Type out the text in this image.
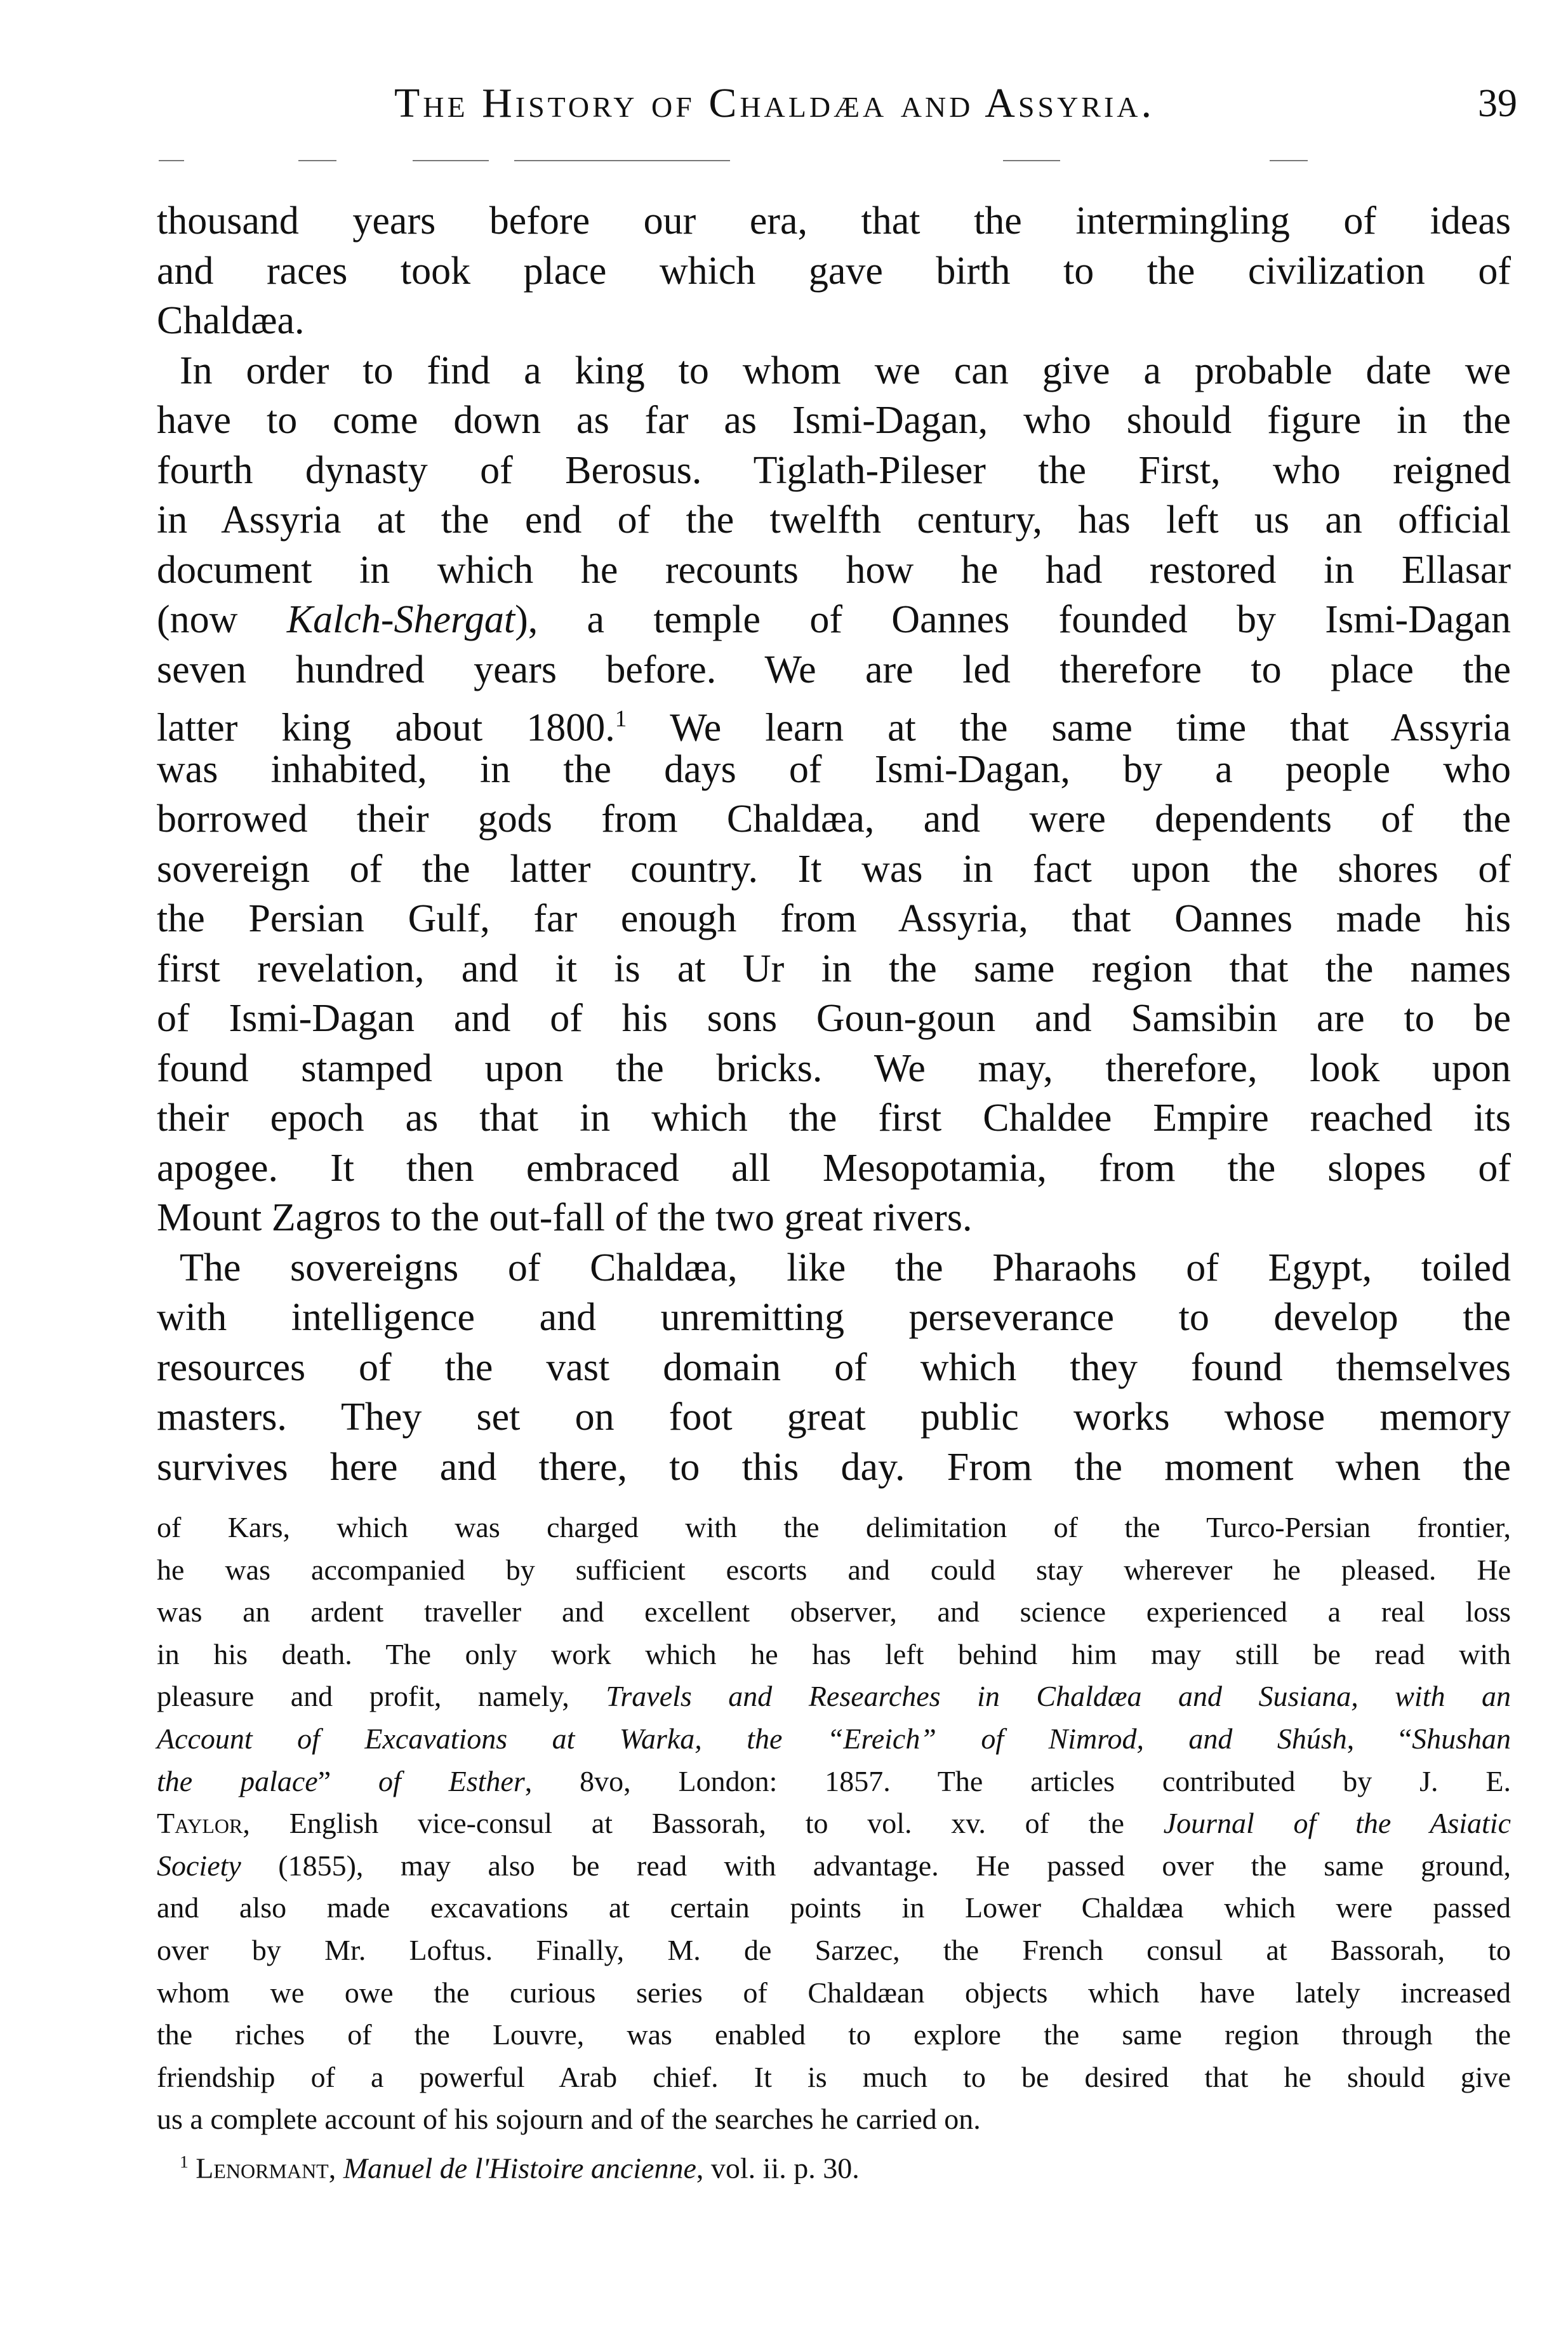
The History of Chaldæa and Assyria.	39
thousand years before our era, that the intermingling of ideas
and races took place which gave birth to the civilization of
Chaldæa.
In order to find a king to whom we can give a probable date we
have to come down as far as Ismi-Dagan, who should figure in the
fourth dynasty of Berosus. Tiglath-Pileser the First, who reigned
in Assyria at the end of the twelfth century, has left us an official
document in which he recounts how he had restored in Ellasar
(now Kalch-Shergat), a temple of Oannes founded by Ismi-Dagan
seven hundred years before. We are led therefore to place the
latter king about 1800.$^1$ We learn at the same time that Assyria
was inhabited, in the days of Ismi-Dagan, by a people who
borrowed their gods from Chaldæa, and were dependents of the
sovereign of the latter country. It was in fact upon the shores of
the Persian Gulf, far enough from Assyria, that Oannes made his
first revelation, and it is at Ur in the same region that the names
of Ismi-Dagan and of his sons Goun-goun and Samsibin are to be
found stamped upon the bricks. We may, therefore, look upon
their epoch as that in which the first Chaldee Empire reached its
apogee. It then embraced all Mesopotamia, from the slopes of
Mount Zagros to the out-fall of the two great rivers.
The sovereigns of Chaldæa, like the Pharaohs of Egypt, toiled
with intelligence and unremitting perseverance to develop the
resources of the vast domain of which they found themselves
masters. They set on foot great public works whose memory
survives here and there, to this day. From the moment when the
of Kars, which was charged with the delimitation of the Turco-Persian frontier,
he was accompanied by sufficient escorts and could stay wherever he pleased. He
was an ardent traveller and excellent observer, and science experienced a real loss
in his death. The only work which he has left behind him may still be read with
pleasure and profit, namely, Travels and Researches in Chaldæa and Susiana, with an
Account of Excavations at Warka, the “Ereich” of Nimrod, and Shúsh, “Shushan
the palace” of Esther, 8vo, London: 1857. The articles contributed by J. E.
Taylor, English vice-consul at Bassorah, to vol. xv. of the Journal of the Asiatic
Society (1855), may also be read with advantage. He passed over the same ground,
and also made excavations at certain points in Lower Chaldæa which were passed
over by Mr. Loftus. Finally, M. de Sarzec, the French consul at Bassorah, to
whom we owe the curious series of Chaldæan objects which have lately increased
the riches of the Louvre, was enabled to explore the same region through the
friendship of a powerful Arab chief. It is much to be desired that he should give
us a complete account of his sojourn and of the searches he carried on.
$^1$ Lenormant, Manuel de l'Histoire ancienne, vol. ii. p. 30.
